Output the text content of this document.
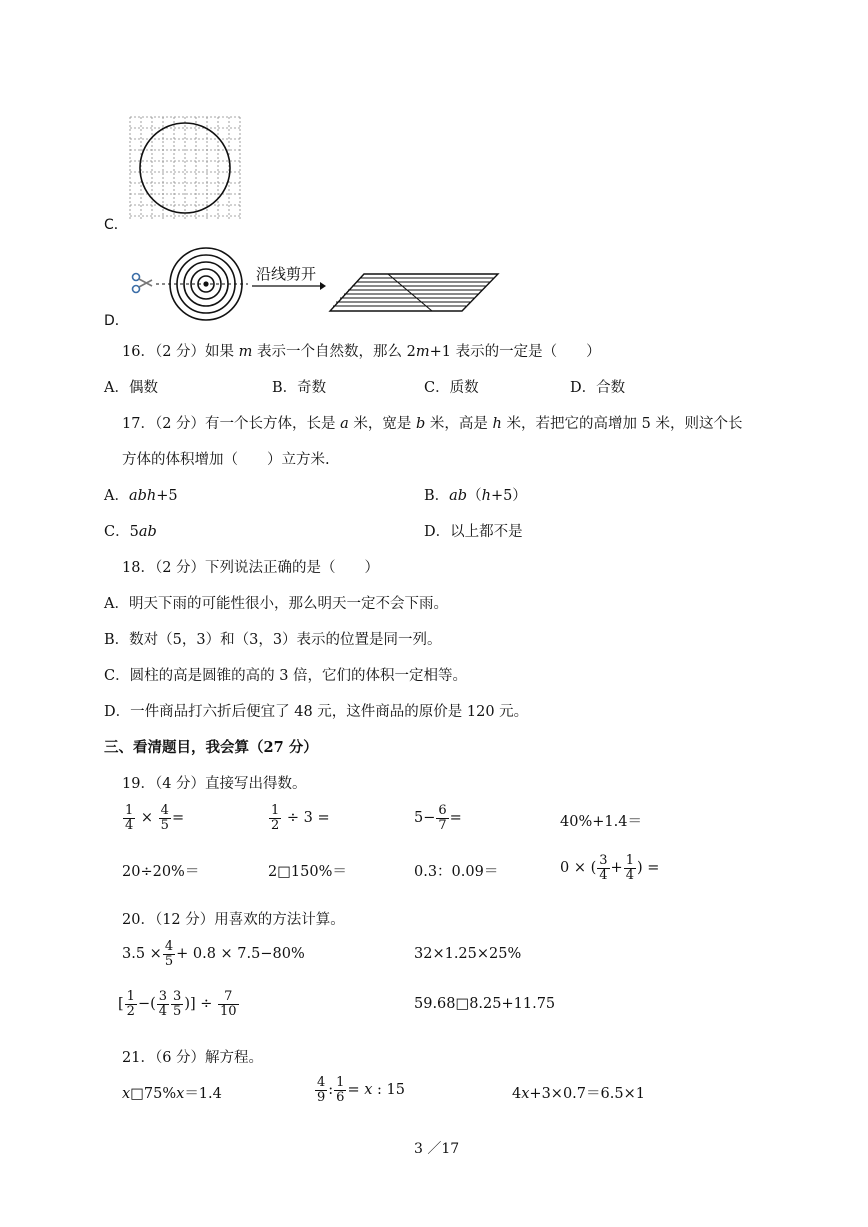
C．
沿线剪开
D．
16．（2 分）如果 m 表示一个自然数，那么 2m+1 表示的一定是（　　）
A．偶数	B．奇数	C．质数	D．合数
17．（2 分）有一个长方体，长是 a 米，宽是 b 米，高是 h 米，若把它的高增加 5 米，则这个长
方体的体积增加（　　）立方米.
A．abh+5	B．ab（h+5）
C．5ab	D．以上都不是
18．（2 分）下列说法正确的是（　　）
A．明天下雨的可能性很小，那么明天一定不会下雨。
B．数对（5，3）和（3，3）表示的位置是同一列。
C．圆柱的高是圆锥的高的 3 倍，它们的体积一定相等。
D．一件商品打六折后便宜了 48 元，这件商品的原价是 120 元。
三、看清题目，我会算（27 分）
19．（4 分）直接写出得数。
$\frac{1}{4} \times \frac{4}{5}$ =	$\frac{1}{2} \div 3$ =	$5- \frac{6}{7}$ =	40%+1.4＝
20÷20%＝	2□150%＝	0.3：0.09＝	0 × ( $\frac{3}{4} + \frac{1}{4}$ ) =
20．（12 分）用喜欢的方法计算。
$3.5 \times \frac{4}{5} + 0.8 \times 7.5-80\%$	32×1.25×25%
[ $\frac{1}{2}$ −( $\frac{3}{4} \frac{3}{5}$ )] ÷ $\frac{7}{10}$	59.68□8.25+11.75
21．（6 分）解方程。
x□75%x＝1.4	$\frac{4}{9}$ : $\frac{1}{6} = x$ : 15	4x+3×0.7＝6.5×1
3 ／17
